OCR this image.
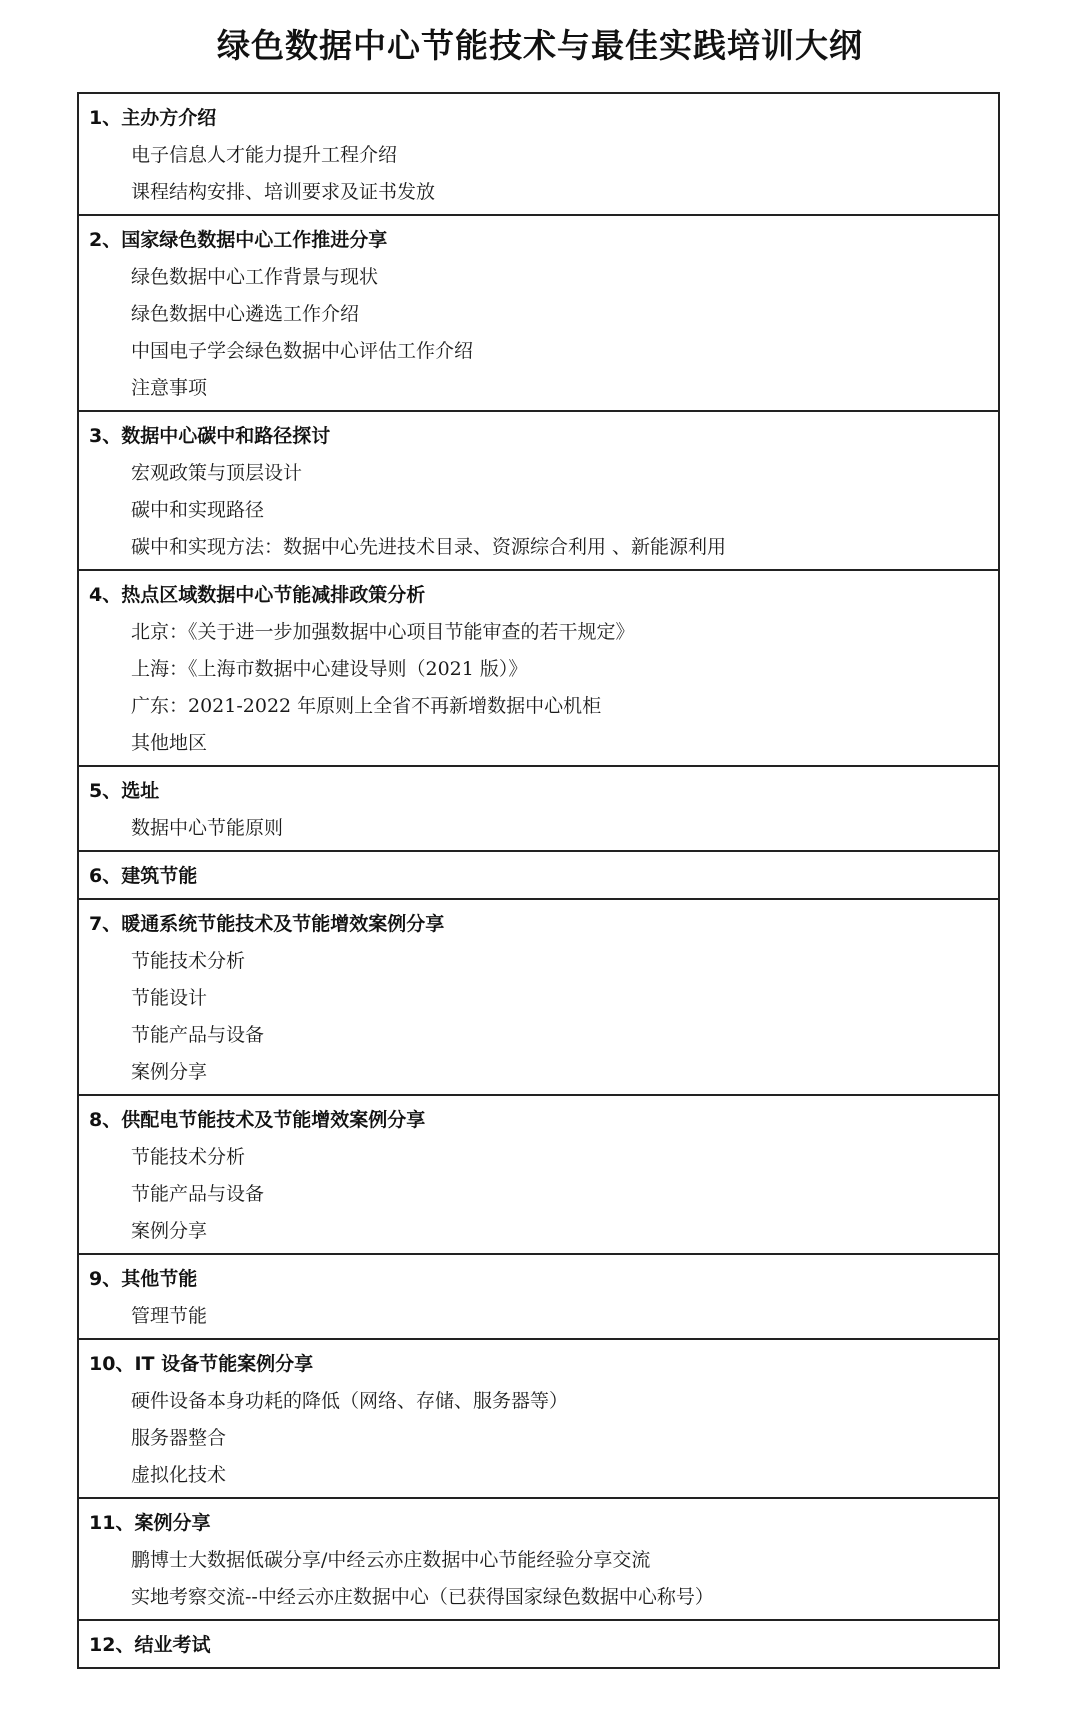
绿色数据中心节能技术与最佳实践培训大纲
1、主办方介绍
电子信息人才能力提升工程介绍
课程结构安排、培训要求及证书发放
2、国家绿色数据中心工作推进分享
绿色数据中心工作背景与现状
绿色数据中心遴选工作介绍
中国电子学会绿色数据中心评估工作介绍
注意事项
3、数据中心碳中和路径探讨
宏观政策与顶层设计
碳中和实现路径
碳中和实现方法：数据中心先进技术目录、资源综合利用 、新能源利用
4、热点区域数据中心节能减排政策分析
北京：《关于进一步加强数据中心项目节能审查的若干规定》
上海：《上海市数据中心建设导则（2021 版）》
广东：2021-2022 年原则上全省不再新增数据中心机柜
其他地区
5、选址
数据中心节能原则
6、建筑节能
7、暖通系统节能技术及节能增效案例分享
节能技术分析
节能设计
节能产品与设备
案例分享
8、供配电节能技术及节能增效案例分享
节能技术分析
节能产品与设备
案例分享
9、其他节能
管理节能
10、IT 设备节能案例分享
硬件设备本身功耗的降低（网络、存储、服务器等）
服务器整合
虚拟化技术
11、案例分享
鹏博士大数据低碳分享/中经云亦庄数据中心节能经验分享交流
实地考察交流--中经云亦庄数据中心（已获得国家绿色数据中心称号）
12、结业考试
